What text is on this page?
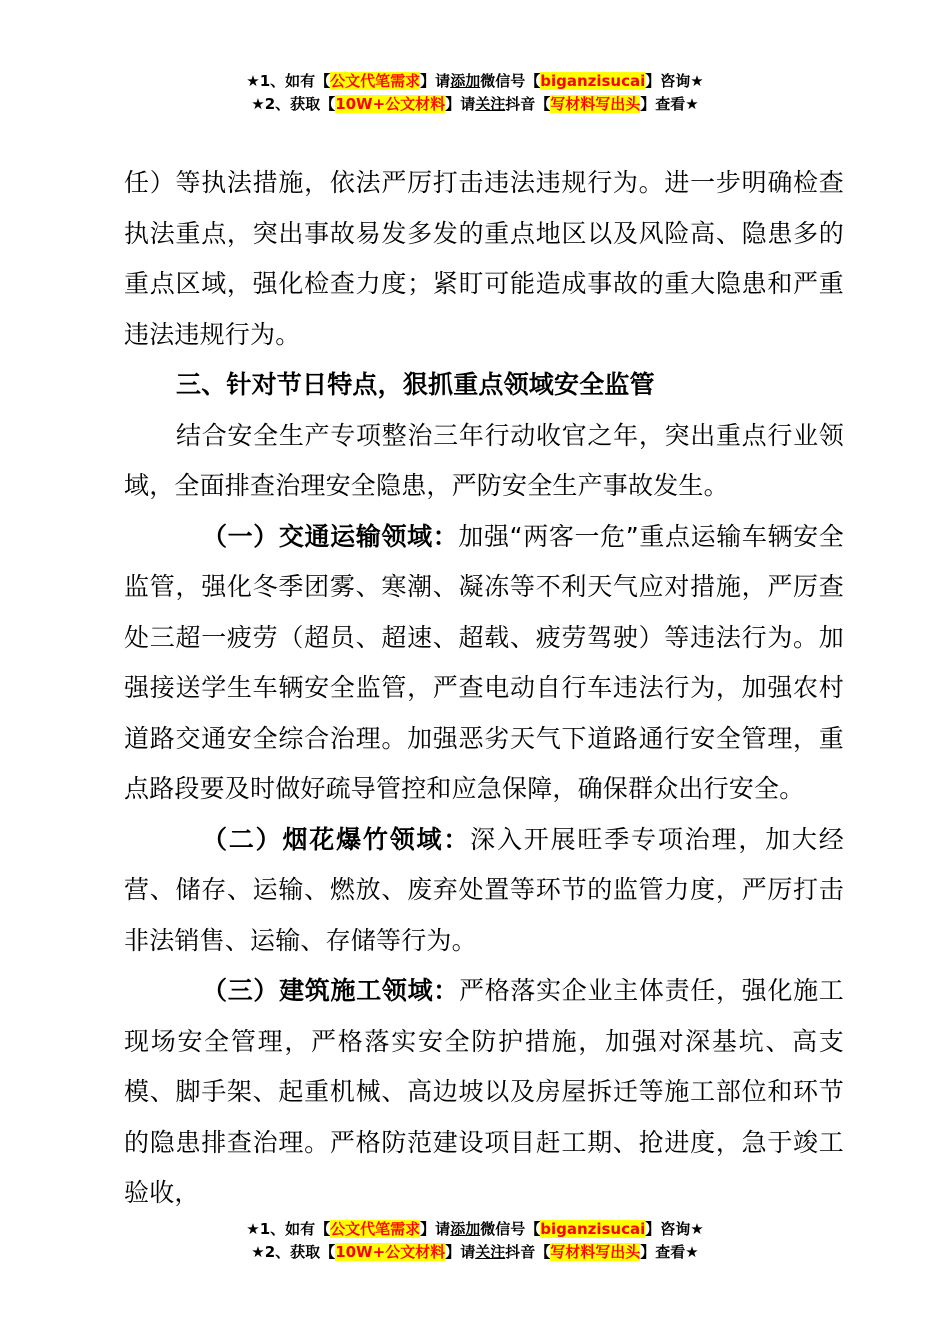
★1、如有【公文代笔需求】请添加微信号【biganzisucai】咨询★
★2、获取【10W+公文材料】请关注抖音【写材料写出头】查看★

任）等执法措施，依法严厉打击违法违规行为。进一步明确检查执法重点，突出事故易发多发的重点地区以及风险高、隐患多的重点区域，强化检查力度；紧盯可能造成事故的重大隐患和严重违法违规行为。

三、针对节日特点，狠抓重点领域安全监管

结合安全生产专项整治三年行动收官之年，突出重点行业领域，全面排查治理安全隐患，严防安全生产事故发生。

（一）交通运输领域：加强“两客一危”重点运输车辆安全监管，强化冬季团雾、寒潮、凝冻等不利天气应对措施，严厉查处三超一疲劳（超员、超速、超载、疲劳驾驶）等违法行为。加强接送学生车辆安全监管，严查电动自行车违法行为，加强农村道路交通安全综合治理。加强恶劣天气下道路通行安全管理，重点路段要及时做好疏导管控和应急保障，确保群众出行安全。

（二）烟花爆竹领域：深入开展旺季专项治理，加大经营、储存、运输、燃放、废弃处置等环节的监管力度，严厉打击非法销售、运输、存储等行为。

（三）建筑施工领域：严格落实企业主体责任，强化施工现场安全管理，严格落实安全防护措施，加强对深基坑、高支模、脚手架、起重机械、高边坡以及房屋拆迁等施工部位和环节的隐患排查治理。严格防范建设项目赶工期、抢进度，急于竣工验收，

★1、如有【公文代笔需求】请添加微信号【biganzisucai】咨询★
★2、获取【10W+公文材料】请关注抖音【写材料写出头】查看★
